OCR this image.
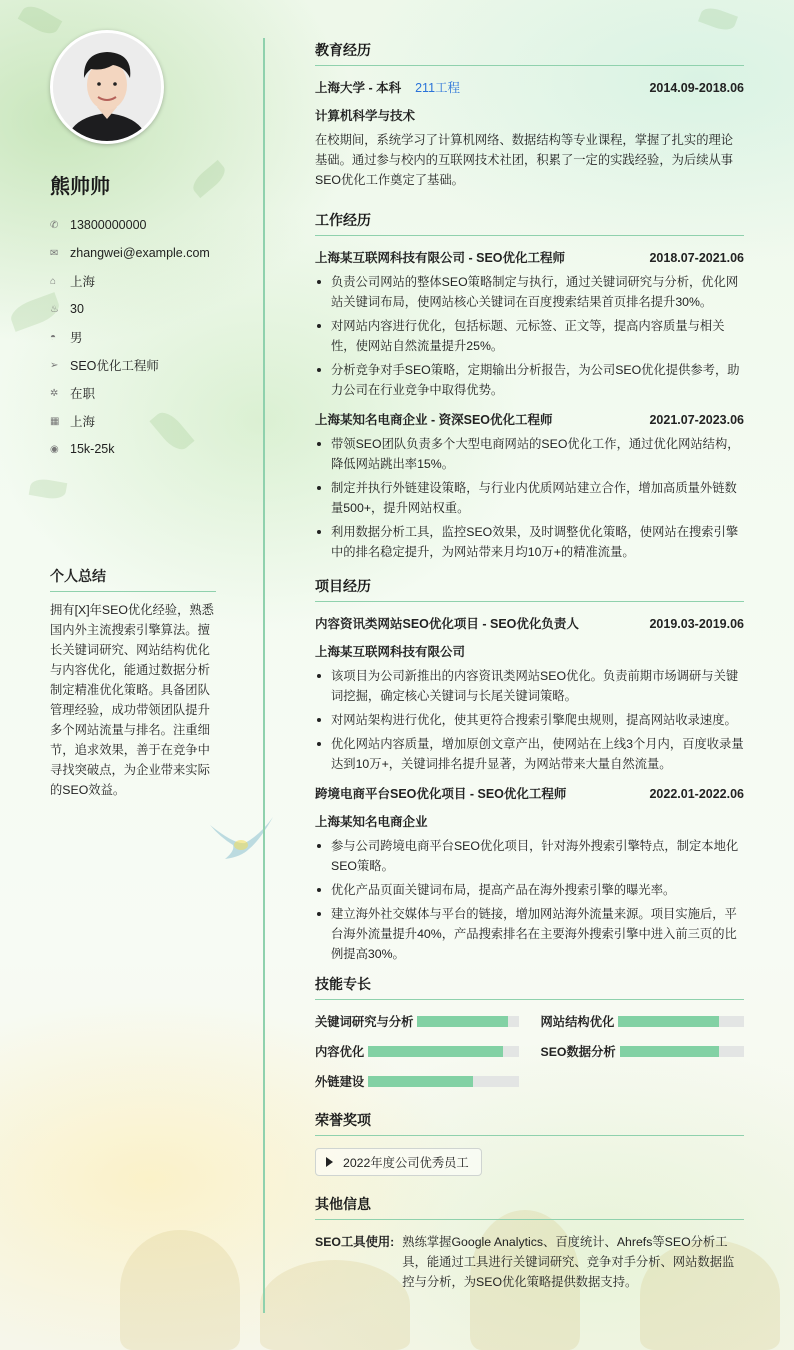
熊帅帅
✆ 13800000000
✉ zhangwei@example.com
⌂	上海
♨ 30
◓	男
➢ SEO优化工程师
✲ 在职
▦ 上海
◉ 15k-25k
个人总结
拥有[X]年SEO优化经验，熟悉国内外主流搜索引擎算法。擅长关键词研究、网站结构优化与内容优化，能通过数据分析制定精准优化策略。具备团队管理经验，成功带领团队提升多个网站流量与排名。注重细节，追求效果，善于在竞争中寻找突破点，为企业带来实际的SEO效益。
教育经历
上海大学 - 本科 211工程	2014.09-2018.06
计算机科学与技术
在校期间，系统学习了计算机网络、数据结构等专业课程，掌握了扎实的理论基础。通过参与校内的互联网技术社团，积累了一定的实践经验，为后续从事SEO优化工作奠定了基础。
工作经历
上海某互联网科技有限公司 - SEO优化工程师	2018.07-2021.06
负责公司网站的整体SEO策略制定与执行，通过关键词研究与分析，优化网站关键词布局，使网站核心关键词在百度搜索结果首页排名提升30%。
对网站内容进行优化，包括标题、元标签、正文等，提高内容质量与相关性，使网站自然流量提升25%。
分析竞争对手SEO策略，定期输出分析报告，为公司SEO优化提供参考，助力公司在行业竞争中取得优势。
上海某知名电商企业 - 资深SEO优化工程师	2021.07-2023.06
带领SEO团队负责多个大型电商网站的SEO优化工作，通过优化网站结构，降低网站跳出率15%。
制定并执行外链建设策略，与行业内优质网站建立合作，增加高质量外链数量500+，提升网站权重。
利用数据分析工具，监控SEO效果，及时调整优化策略，使网站在搜索引擎中的排名稳定提升，为网站带来月均10万+的精准流量。
项目经历
内容资讯类网站SEO优化项目 - SEO优化负责人	2019.03-2019.06
上海某互联网科技有限公司
该项目为公司新推出的内容资讯类网站SEO优化。负责前期市场调研与关键词挖掘，确定核心关键词与长尾关键词策略。
对网站架构进行优化，使其更符合搜索引擎爬虫规则，提高网站收录速度。
优化网站内容质量，增加原创文章产出，使网站在上线3个月内，百度收录量达到10万+，关键词排名提升显著，为网站带来大量自然流量。
跨境电商平台SEO优化项目 - SEO优化工程师	2022.01-2022.06
上海某知名电商企业
参与公司跨境电商平台SEO优化项目，针对海外搜索引擎特点，制定本地化SEO策略。
优化产品页面关键词布局，提高产品在海外搜索引擎的曝光率。
建立海外社交媒体与平台的链接，增加网站海外流量来源。项目实施后，平台海外流量提升40%，产品搜索排名在主要海外搜索引擎中进入前三页的比例提高30%。
技能专长
关键词研究与分析	网站结构优化
内容优化	SEO数据分析
外链建设
荣誉奖项
2022年度公司优秀员工
其他信息
SEO工具使用: 熟练掌握Google Analytics、百度统计、Ahrefs等SEO分析工具，能通过工具进行关键词研究、竞争对手分析、网站数据监控与分析，为SEO优化策略提供数据支持。
